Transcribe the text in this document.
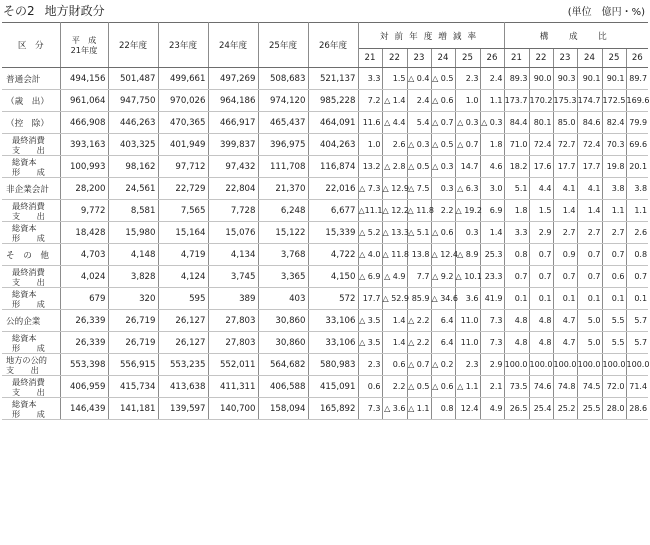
その2 地方財政分	(単位　億円・%)
区　分	平　成
21年度	22年度	23年度	24年度	25年度	26年度	対前年度増減率						構　成　比					
							21	22	23	24	25	26	21	22	23	24	25	26
普通会計	494,156	501,487	499,661	497,269	508,683	521,137	3.3	1.5	△ 0.4	△ 0.5	2.3	2.4	89.3	90.0	90.3	90.1	90.1	89.7
（歳　出）	961,064	947,750	970,026	964,186	974,120	985,228	7.2	△ 1.4	2.4	△ 0.6	1.0	1.1	173.7	170.2	175.3	174.7	172.5	169.6
（控　除）	466,908	446,263	470,365	466,917	465,437	464,091	11.6	△ 4.4	5.4	△ 0.7	△ 0.3	△ 0.3	84.4	80.1	85.0	84.6	82.4	79.9
最終消費
支　　出	393,163	403,325	401,949	399,837	396,975	404,263	1.0	2.6	△ 0.3	△ 0.5	△ 0.7	1.8	71.0	72.4	72.7	72.4	70.3	69.6
総資本
形　　成	100,993	98,162	97,712	97,432	111,708	116,874	13.2	△ 2.8	△ 0.5	△ 0.3	14.7	4.6	18.2	17.6	17.7	17.7	19.8	20.1
非企業会計	28,200	24,561	22,729	22,804	21,370	22,016	△ 7.3	△ 12.9	△ 7.5	0.3	△ 6.3	3.0	5.1	4.4	4.1	4.1	3.8	3.8
最終消費
支　　出	9,772	8,581	7,565	7,728	6,248	6,677	△11.1	△ 12.2	△ 11.8	2.2	△ 19.2	6.9	1.8	1.5	1.4	1.4	1.1	1.1
総資本
形　　成	18,428	15,980	15,164	15,076	15,122	15,339	△ 5.2	△ 13.3	△ 5.1	△ 0.6	0.3	1.4	3.3	2.9	2.7	2.7	2.7	2.6
そ　の　他	4,703	4,148	4,719	4,134	3,768	4,722	△ 4.0	△ 11.8	13.8	△ 12.4	△ 8.9	25.3	0.8	0.7	0.9	0.7	0.7	0.8
最終消費
支　　出	4,024	3,828	4,124	3,745	3,365	4,150	△ 6.9	△ 4.9	7.7	△ 9.2	△ 10.1	23.3	0.7	0.7	0.7	0.7	0.6	0.7
総資本
形　　成	679	320	595	389	403	572	17.7	△ 52.9	85.9	△ 34.6	3.6	41.9	0.1	0.1	0.1	0.1	0.1	0.1
公的企業	26,339	26,719	26,127	27,803	30,860	33,106	△ 3.5	1.4	△ 2.2	6.4	11.0	7.3	4.8	4.8	4.7	5.0	5.5	5.7
総資本
形　　成	26,339	26,719	26,127	27,803	30,860	33,106	△ 3.5	1.4	△ 2.2	6.4	11.0	7.3	4.8	4.8	4.7	5.0	5.5	5.7
地方の公的
支　　出	553,398	556,915	553,235	552,011	564,682	580,983	2.3	0.6	△ 0.7	△ 0.2	2.3	2.9	100.0	100.0	100.0	100.0	100.0	100.0
最終消費
支　　出	406,959	415,734	413,638	411,311	406,588	415,091	0.6	2.2	△ 0.5	△ 0.6	△ 1.1	2.1	73.5	74.6	74.8	74.5	72.0	71.4
総資本
形　　成	146,439	141,181	139,597	140,700	158,094	165,892	7.3	△ 3.6	△ 1.1	0.8	12.4	4.9	26.5	25.4	25.2	25.5	28.0	28.6
